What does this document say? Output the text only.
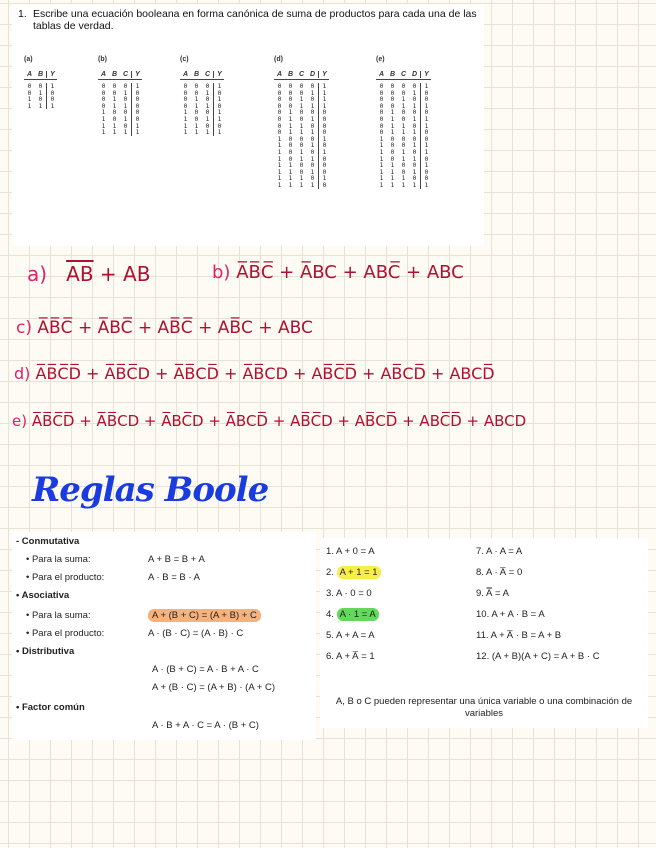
1. Escribe una ecuación booleana en forma canónica de suma de productos para cada una de las tablas de verdad.
(a)
A B Y
0 0 1
0 1 0
1 0 0
1 1 1
(b)
A B C Y
0 0 0 1
0 0 1 0
0 1 0 0
0 1 1 0
1 0 0 0
1 0 1 0
1 1 0 1
1 1 1 1
(c)
A B C Y
0 0 0 1
0 0 1 0
0 1 0 1
0 1 1 0
1 0 0 1
1 0 1 1
1 1 0 0
1 1 1 1
(d)
A B C D Y
0 0 0 0 1
0 0 0 1 1
0 0 1 0 1
0 0 1 1 1
0 1 0 0 0
0 1 0 1 0
0 1 1 0 0
0 1 1 1 0
1 0 0 0 1
1 0 0 1 0
1 0 1 0 1
1 0 1 1 0
1 1 0 0 0
1 1 0 1 0
1 1 1 0 1
1 1 1 1 0
(e)
A B C D Y
0 0 0 0 1
0 0 0 1 0
0 0 1 0 0
0 0 1 1 1
0 1 0 0 0
0 1 0 1 1
0 1 1 0 1
0 1 1 1 0
1 0 0 0 0
1 0 0 1 1
1 0 1 0 1
1 0 1 1 0
1 1 0 0 1
1 1 0 1 0
1 1 1 0 0
1 1 1 1 1
a) $\overline{AB}$ + AB	b) A̅B̅C̅ + A̅BC + ABC̅ + ABC
c) A̅B̅C̅ + A̅BC̅ + AB̅C̅ + AB̅C + ABC
d) A̅B̅C̅D̅ + A̅B̅C̅D + A̅B̅CD̅ + A̅B̅CD + AB̅C̅D̅ + AB̅CD̅ + ABCD̅
e) A̅B̅C̅D̅ + A̅B̅CD + A̅BC̅D + A̅BCD̅ + AB̅C̅D + AB̅CD̅ + ABC̅D̅ + ABCD
Reglas Boole
- Conmutativa
• Para la suma:	A + B = B + A
• Para el producto:	A · B = B · A
• Asociativa
• Para la suma:	A + (B + C) = (A + B) + C
• Para el producto:	A · (B · C) = (A · B) · C
• Distributiva
A · (B + C) = A · B + A · C
A + (B · C) = (A + B) · (A + C)
• Factor común
A · B + A · C = A · (B + C)
1. A + 0 = A
2. A + 1 = 1
3. A · 0 = 0
4. A · 1 = A
5. A + A = A
6. A + A̅ = 1
7. A · A = A
8. A · A̅ = 0
9. A̿ = A
10. A + A · B = A
11. A + A̅ · B = A + B
12. (A + B)(A + C) = A + B · C
A, B o C pueden representar una única variable o una combinación de variables
